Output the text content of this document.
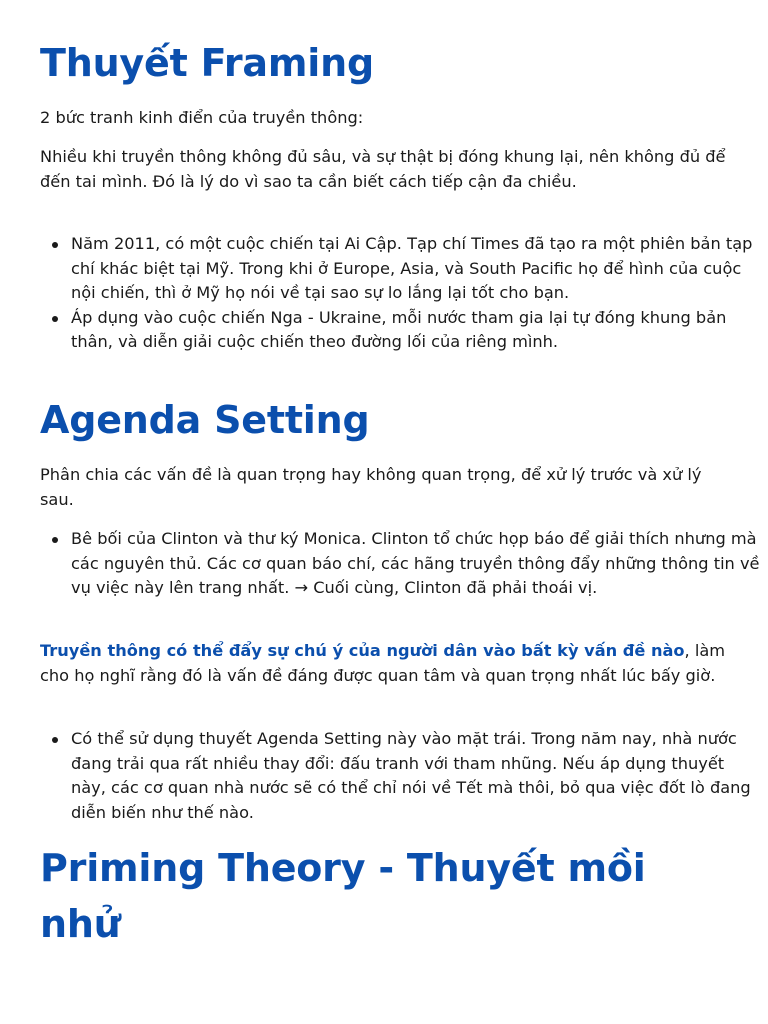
Thuyết Framing

2 bức tranh kinh điển của truyền thông:

Nhiều khi truyền thông không đủ sâu, và sự thật bị đóng khung lại, nên không đủ để đến tai mình. Đó là lý do vì sao ta cần biết cách tiếp cận đa chiều.

Năm 2011, có một cuộc chiến tại Ai Cập. Tạp chí Times đã tạo ra một phiên bản tạp chí khác biệt tại Mỹ. Trong khi ở Europe, Asia, và South Pacific họ để hình của cuộc nội chiến, thì ở Mỹ họ nói về tại sao sự lo lắng lại tốt cho bạn.
Áp dụng vào cuộc chiến Nga - Ukraine, mỗi nước tham gia lại tự đóng khung bản thân, và diễn giải cuộc chiến theo đường lối của riêng mình.
Agenda Setting

Phân chia các vấn đề là quan trọng hay không quan trọng, để xử lý trước và xử lý sau.

Bê bối của Clinton và thư ký Monica. Clinton tổ chức họp báo để giải thích nhưng mà các nguyên thủ. Các cơ quan báo chí, các hãng truyền thông đẩy những thông tin về vụ việc này lên trang nhất. → Cuối cùng, Clinton đã phải thoái vị.

Truyền thông có thể đẩy sự chú ý của người dân vào bất kỳ vấn đề nào, làm cho họ nghĩ rằng đó là vấn đề đáng được quan tâm và quan trọng nhất lúc bấy giờ.

Có thể sử dụng thuyết Agenda Setting này vào mặt trái. Trong năm nay, nhà nước đang trải qua rất nhiều thay đổi: đấu tranh với tham nhũng. Nếu áp dụng thuyết này, các cơ quan nhà nước sẽ có thể chỉ nói về Tết mà thôi, bỏ qua việc đốt lò đang diễn biến như thế nào.
Priming Theory - Thuyết mồi nhử
